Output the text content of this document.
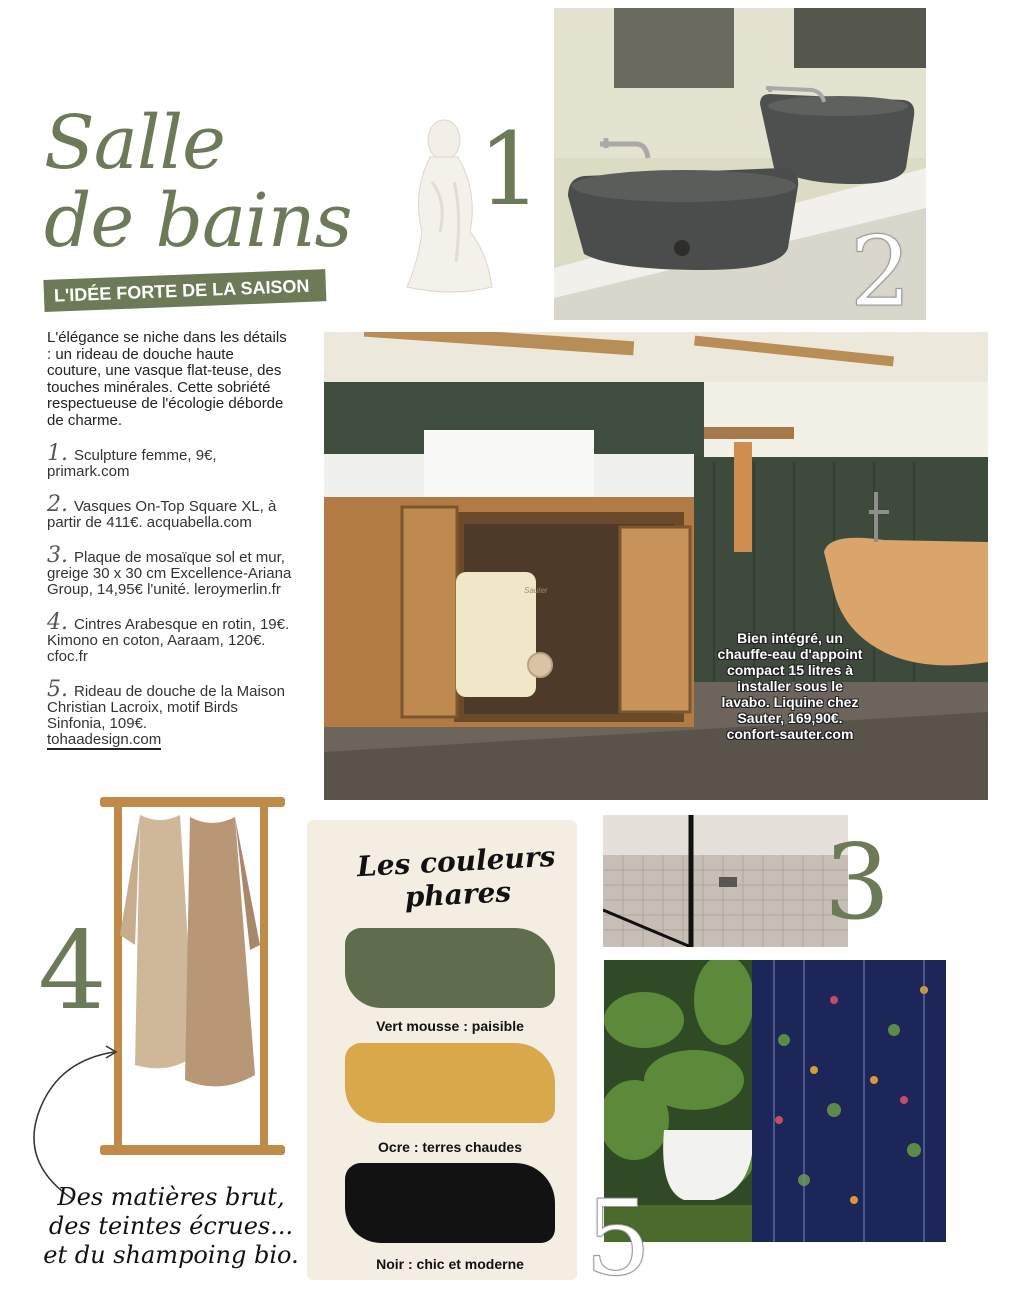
Salle
de bains 1
L'IDÉE FORTE DE LA SAISON
L'élégance se niche dans les détails : un rideau de douche haute couture, une vasque flat-teuse, des touches minérales. Cette sobriété respectueuse de l'écologie déborde de charme.
1. Sculpture femme, 9€,
primark.com
2. Vasques On-Top Square XL, à partir de 411€. acquabella.com
3. Plaque de mosaïque sol et mur, greige 30 x 30 cm Excellence-Ariana Group, 14,95€ l'unité. leroymerlin.fr
4. Cintres Arabesque en rotin, 19€. Kimono en coton, Aaraam, 120€. cfoc.fr
5. Rideau de douche de la Maison Christian Lacroix, motif Birds Sinfonia, 109€.
tohaadesign.com
2
Sauter
Bien intégré, un chauffe-eau d'appoint compact 15 litres à installer sous le lavabo. Liquine chez Sauter, 169,90€. confort-sauter.com
3
5
4
Des matières brut, des teintes écrues... et du shampoing bio.
Les couleurs phares
Vert mousse : paisible
Ocre : terres chaudes
Noir : chic et moderne
